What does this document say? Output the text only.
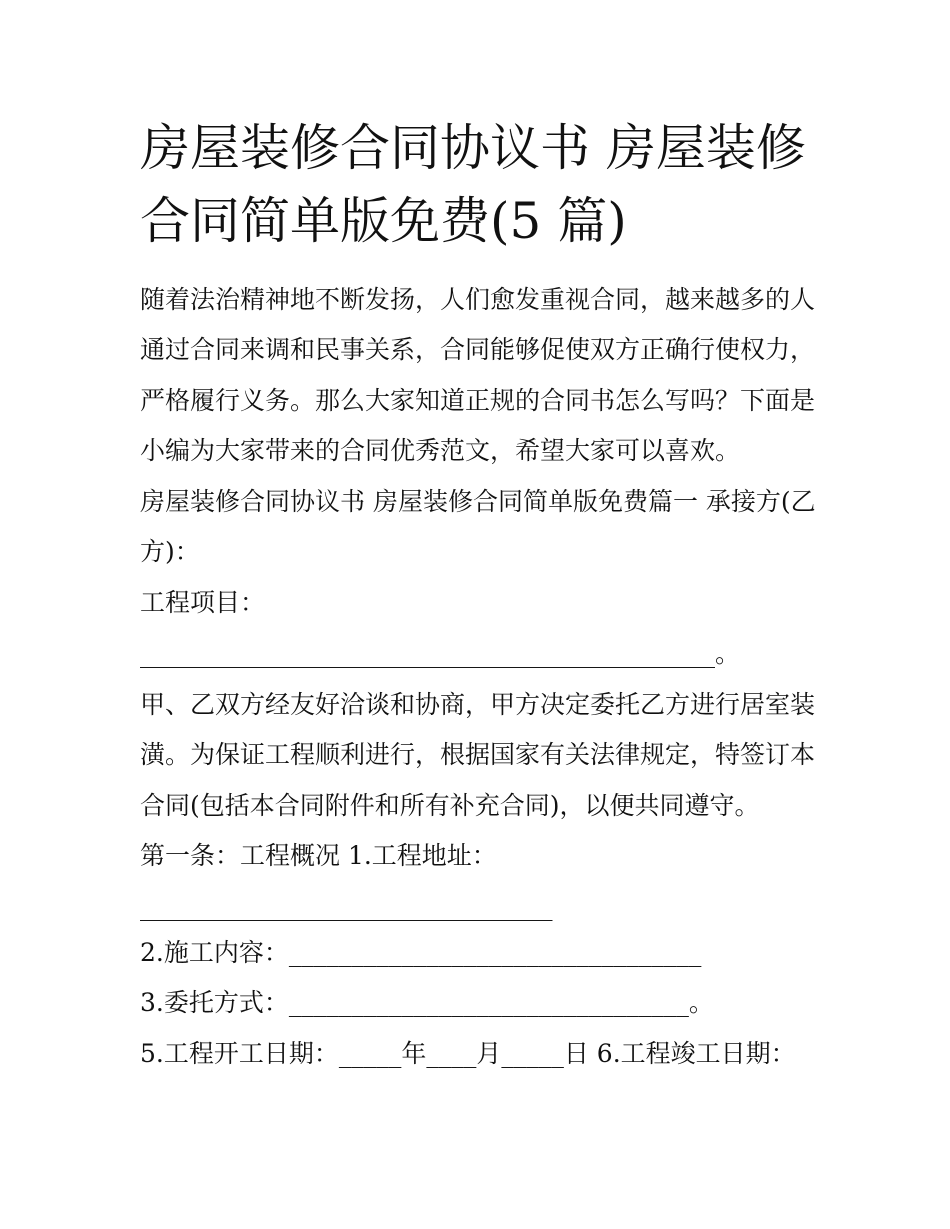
房屋装修合同协议书 房屋装修
合同简单版免费(5 篇)

随着法治精神地不断发扬，人们愈发重视合同，越来越多的人

通过合同来调和民事关系，合同能够促使双方正确行使权力，

严格履行义务。那么大家知道正规的合同书怎么写吗？下面是

小编为大家带来的合同优秀范文，希望大家可以喜欢。

房屋装修合同协议书 房屋装修合同简单版免费篇一 承接方(乙

方)：

工程项目：

______________________________________________。

甲、乙双方经友好洽谈和协商，甲方决定委托乙方进行居室装

潢。为保证工程顺利进行，根据国家有关法律规定，特签订本

合同(包括本合同附件和所有补充合同)，以便共同遵守。

第一条：工程概况 1.工程地址：

_________________________________

2.施工内容：_________________________________

3.委托方式：________________________________。

5.工程开工日期：_____年____月_____日 6.工程竣工日期：
